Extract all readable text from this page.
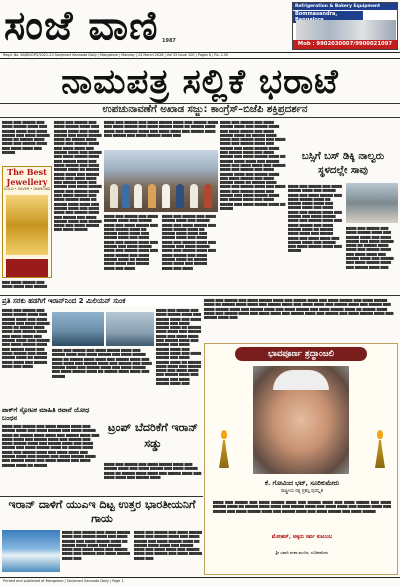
ಸಂಜೆ ವಾಣಿ 1987
Refrigeration & Bakery Equipment
Bommasandra,
Mob : 9902030007/9900021097
Regd. No. KA/BGGPO/2021-23 Sanjevani Kannada Daily | Mangalore | Monday | 23 March 2026 | Vol 33 Issue 100 | Pages 8 | Rs. 2.00
ನಾಮಪತ್ರ ಸಲ್ಲಿಕೆ ಭರಾಟೆ
ಉಪಚುನಾವಣೆಗೆ ಅಖಾಡ ಸಜ್ಜು: ಕಾಂಗ್ರೆಸ್–ಬಿಜೆಪಿ ಶಕ್ತಿಪ್ರದರ್ಶನ
▆▆▆▆ ▆▆▆ ▆▆▆▆▆ ▆▆▆ ▆▆▆▆ ▆▆▆▆▆ ▆▆▆▆ ▆▆▆ ▆▆▆▆▆ ▆▆▆▆ ▆▆▆ ▆▆▆▆ ▆▆▆▆▆ ▆▆▆ ▆▆▆▆ ▆▆▆▆▆ ▆▆▆▆ ▆▆ ▆▆▆▆▆ ▆▆▆▆ ▆▆▆▆ ▆▆▆ ▆▆▆▆▆ ▆▆▆▆ ▆▆▆ ▆▆▆▆ ▆▆▆▆ ▆▆▆ ▆▆▆▆▆
The Best Jewellery
GOLD • SILVER • DIAMOND
▆▆▆ ▆▆▆▆ ▆▆▆▆▆ ▆▆▆ ▆▆▆▆ ▆▆▆▆ ▆▆▆ ▆▆▆▆▆
▆▆▆▆ ▆▆▆ ▆▆▆▆▆ ▆▆▆ ▆▆▆▆ ▆▆▆▆▆ ▆▆▆▆ ▆▆▆ ▆▆▆▆▆ ▆▆▆▆ ▆▆▆ ▆▆▆▆ ▆▆▆▆▆ ▆▆▆ ▆▆▆▆ ▆▆▆▆▆ ▆▆▆▆ ▆▆ ▆▆▆▆▆ ▆▆▆▆ ▆▆▆▆ ▆▆▆ ▆▆▆▆▆ ▆▆▆▆ ▆▆▆ ▆▆▆▆ ▆▆▆▆ ▆▆▆ ▆▆▆▆▆ ▆▆▆▆ ▆▆▆ ▆▆▆▆▆ ▆▆▆ ▆▆▆▆ ▆▆▆▆▆ ▆▆▆▆ ▆▆▆ ▆▆▆▆▆ ▆▆▆▆ ▆▆▆ ▆▆▆▆ ▆▆▆▆▆ ▆▆▆ ▆▆▆▆ ▆▆▆▆▆ ▆▆▆▆ ▆▆ ▆▆▆▆▆ ▆▆▆▆ ▆▆▆▆ ▆▆▆ ▆▆▆▆▆ ▆▆▆▆ ▆▆▆ ▆▆▆▆ ▆▆▆▆ ▆▆▆ ▆▆▆▆▆ ▆▆▆▆ ▆▆▆ ▆▆▆▆▆ ▆▆▆ ▆▆▆▆ ▆▆▆▆▆ ▆▆▆▆ ▆▆▆ ▆▆▆▆▆ ▆▆▆▆ ▆▆▆ ▆▆▆▆ ▆▆▆▆▆ ▆▆▆ ▆▆▆▆ ▆▆▆▆▆ ▆▆▆▆ ▆▆ ▆▆▆▆▆ ▆▆▆▆ ▆▆▆▆ ▆▆▆ ▆▆▆▆▆ ▆▆▆▆ ▆▆▆ ▆▆▆▆ ▆▆▆▆ ▆▆▆ ▆▆▆▆▆ ▆▆▆▆ ▆▆▆ ▆▆▆▆▆ ▆▆▆ ▆▆▆▆ ▆▆▆▆▆ ▆▆▆▆ ▆▆▆ ▆▆▆▆▆ ▆▆▆▆ ▆▆▆ ▆▆▆▆ ▆▆▆▆▆ ▆▆▆ ▆▆▆▆ ▆▆▆▆▆
▆▆▆▆ ▆▆▆ ▆▆▆▆▆ ▆▆▆ ▆▆▆▆ ▆▆▆▆▆ ▆▆▆▆ ▆▆▆ ▆▆▆▆▆ ▆▆▆▆ ▆▆▆ ▆▆▆▆ ▆▆▆▆▆ ▆▆▆ ▆▆▆▆ ▆▆▆▆▆ ▆▆▆▆ ▆▆ ▆▆▆▆▆ ▆▆▆▆ ▆▆▆▆ ▆▆▆ ▆▆▆▆▆ ▆▆▆▆ ▆▆▆ ▆▆▆▆ ▆▆▆▆ ▆▆▆ ▆▆▆▆▆ ▆▆▆▆ ▆▆▆ ▆▆▆▆▆ ▆▆▆ ▆▆▆▆ ▆▆▆▆▆ ▆▆▆▆ ▆▆▆
▆▆▆▆ ▆▆▆ ▆▆▆▆▆ ▆▆▆ ▆▆▆▆ ▆▆▆▆▆ ▆▆▆▆ ▆▆▆ ▆▆▆▆▆ ▆▆▆▆ ▆▆▆ ▆▆▆▆ ▆▆▆▆▆ ▆▆▆ ▆▆▆▆ ▆▆▆▆▆ ▆▆▆▆ ▆▆ ▆▆▆▆▆ ▆▆▆▆ ▆▆▆▆ ▆▆▆ ▆▆▆▆▆ ▆▆▆▆ ▆▆▆ ▆▆▆▆ ▆▆▆▆ ▆▆▆ ▆▆▆▆▆ ▆▆▆▆ ▆▆▆ ▆▆▆▆▆ ▆▆▆ ▆▆▆▆ ▆▆▆▆▆ ▆▆▆▆ ▆▆▆ ▆▆▆▆▆ ▆▆▆▆ ▆▆▆ ▆▆▆▆ ▆▆▆▆▆ ▆▆▆ ▆▆▆▆ ▆▆▆▆▆ ▆▆▆▆ ▆▆ ▆▆▆▆▆ ▆▆▆▆ ▆▆▆▆ ▆▆▆ ▆▆▆▆▆ ▆▆▆▆ ▆▆▆ ▆▆▆▆
▆▆▆▆ ▆▆▆ ▆▆▆▆▆ ▆▆▆ ▆▆▆▆ ▆▆▆▆▆ ▆▆▆▆ ▆▆▆ ▆▆▆▆▆ ▆▆▆▆ ▆▆▆ ▆▆▆▆ ▆▆▆▆▆ ▆▆▆ ▆▆▆▆ ▆▆▆▆▆ ▆▆▆▆ ▆▆ ▆▆▆▆▆ ▆▆▆▆ ▆▆▆▆ ▆▆▆ ▆▆▆▆▆ ▆▆▆▆ ▆▆▆ ▆▆▆▆ ▆▆▆▆ ▆▆▆ ▆▆▆▆▆ ▆▆▆▆ ▆▆▆ ▆▆▆▆▆ ▆▆▆ ▆▆▆▆ ▆▆▆▆▆ ▆▆▆▆ ▆▆▆ ▆▆▆▆▆ ▆▆▆▆ ▆▆▆ ▆▆▆▆ ▆▆▆▆▆ ▆▆▆ ▆▆▆▆ ▆▆▆▆▆ ▆▆▆▆ ▆▆ ▆▆▆▆▆ ▆▆▆▆ ▆▆▆▆ ▆▆▆ ▆▆▆▆▆ ▆▆▆▆ ▆▆▆ ▆▆▆▆
▆▆▆▆ ▆▆▆ ▆▆▆▆▆ ▆▆▆ ▆▆▆▆ ▆▆▆▆▆ ▆▆▆▆ ▆▆▆ ▆▆▆▆▆ ▆▆▆▆ ▆▆▆ ▆▆▆▆ ▆▆▆▆▆ ▆▆▆ ▆▆▆▆ ▆▆▆▆▆ ▆▆▆▆ ▆▆ ▆▆▆▆▆ ▆▆▆▆ ▆▆▆▆ ▆▆▆ ▆▆▆▆▆ ▆▆▆▆ ▆▆▆ ▆▆▆▆ ▆▆▆▆ ▆▆▆ ▆▆▆▆▆ ▆▆▆▆ ▆▆▆ ▆▆▆▆▆ ▆▆▆ ▆▆▆▆ ▆▆▆▆▆ ▆▆▆▆ ▆▆▆ ▆▆▆▆▆ ▆▆▆▆ ▆▆▆ ▆▆▆▆ ▆▆▆▆▆ ▆▆▆ ▆▆▆▆ ▆▆▆▆▆ ▆▆▆▆ ▆▆ ▆▆▆▆▆ ▆▆▆▆ ▆▆▆▆ ▆▆▆ ▆▆▆▆▆ ▆▆▆▆ ▆▆▆ ▆▆▆▆ ▆▆▆▆ ▆▆▆ ▆▆▆▆▆ ▆▆▆▆ ▆▆▆ ▆▆▆▆▆ ▆▆▆ ▆▆▆▆ ▆▆▆▆▆ ▆▆▆▆ ▆▆▆ ▆▆▆▆▆ ▆▆▆▆ ▆▆▆ ▆▆▆▆ ▆▆▆▆▆ ▆▆▆ ▆▆▆▆ ▆▆▆▆▆ ▆▆▆▆ ▆▆ ▆▆▆▆▆ ▆▆▆▆ ▆▆▆▆ ▆▆▆ ▆▆▆▆▆ ▆▆▆▆ ▆▆▆ ▆▆▆▆ ▆▆▆▆ ▆▆▆ ▆▆▆▆▆ ▆▆▆▆ ▆▆▆ ▆▆▆▆▆ ▆▆▆ ▆▆▆▆ ▆▆▆▆▆ ▆▆▆▆ ▆▆▆ ▆▆▆▆▆ ▆▆▆▆ ▆▆▆ ▆▆▆▆ ▆▆▆▆▆ ▆▆▆ ▆▆▆▆ ▆▆▆▆▆ ▆▆▆▆ ▆▆ ▆▆▆▆▆
ಬಸ್ಸಿಗೆ ಬಸ್ ಡಿಕ್ಕಿ ನಾಲ್ವರು ಸ್ಥಳದಲ್ಲೇ ಸಾವು
▆▆▆▆ ▆▆▆ ▆▆▆▆▆ ▆▆▆ ▆▆▆▆ ▆▆▆▆▆ ▆▆▆▆ ▆▆▆ ▆▆▆▆▆ ▆▆▆▆ ▆▆▆ ▆▆▆▆ ▆▆▆▆▆ ▆▆▆ ▆▆▆▆ ▆▆▆▆▆ ▆▆▆▆ ▆▆ ▆▆▆▆▆ ▆▆▆▆ ▆▆▆▆ ▆▆▆ ▆▆▆▆▆ ▆▆▆▆ ▆▆▆ ▆▆▆▆ ▆▆▆▆ ▆▆▆ ▆▆▆▆▆ ▆▆▆▆ ▆▆▆ ▆▆▆▆▆ ▆▆▆ ▆▆▆▆ ▆▆▆▆▆ ▆▆▆▆ ▆▆▆ ▆▆▆▆▆ ▆▆▆▆ ▆▆▆ ▆▆▆▆ ▆▆▆▆▆ ▆▆▆ ▆▆▆▆ ▆▆▆▆▆ ▆▆▆▆ ▆▆ ▆▆▆▆▆ ▆▆▆▆ ▆▆▆▆ ▆▆▆ ▆▆▆▆▆ ▆▆▆▆ ▆▆▆ ▆▆▆▆ ▆▆▆▆ ▆▆▆ ▆▆▆▆▆ ▆▆▆▆ ▆▆▆ ▆▆▆▆▆ ▆▆▆ ▆▆▆▆ ▆▆▆▆▆ ▆▆▆▆ ▆▆▆ ▆▆▆▆▆
▆▆▆▆ ▆▆▆ ▆▆▆▆▆ ▆▆▆ ▆▆▆▆ ▆▆▆▆▆ ▆▆▆▆ ▆▆▆ ▆▆▆▆▆ ▆▆▆▆ ▆▆▆ ▆▆▆▆ ▆▆▆▆▆ ▆▆▆ ▆▆▆▆ ▆▆▆▆▆ ▆▆▆▆ ▆▆ ▆▆▆▆▆ ▆▆▆▆ ▆▆▆▆ ▆▆▆ ▆▆▆▆▆ ▆▆▆▆ ▆▆▆ ▆▆▆▆ ▆▆▆▆ ▆▆▆ ▆▆▆▆▆ ▆▆▆▆ ▆▆▆ ▆▆▆▆▆ ▆▆▆ ▆▆▆▆ ▆▆▆▆▆ ▆▆▆▆ ▆▆▆ ▆▆▆▆▆ ▆▆▆▆ ▆▆▆
ಪ್ರತಿ ಸರಕು ಹಡಗಿಗೆ ಇರಾನ್‌ನಿಂದ 2 ಮಿಲಿಯನ್ ಸುಂಕ
▆▆▆▆ ▆▆▆ ▆▆▆▆▆ ▆▆▆ ▆▆▆▆ ▆▆▆▆▆ ▆▆▆▆ ▆▆▆ ▆▆▆▆▆ ▆▆▆▆ ▆▆▆ ▆▆▆▆ ▆▆▆▆▆ ▆▆▆ ▆▆▆▆ ▆▆▆▆▆ ▆▆▆▆ ▆▆ ▆▆▆▆▆ ▆▆▆▆ ▆▆▆▆ ▆▆▆ ▆▆▆▆▆ ▆▆▆▆ ▆▆▆ ▆▆▆▆ ▆▆▆▆ ▆▆▆ ▆▆▆▆▆ ▆▆▆▆ ▆▆▆ ▆▆▆▆▆ ▆▆▆ ▆▆▆▆ ▆▆▆▆▆ ▆▆▆▆ ▆▆▆ ▆▆▆▆▆ ▆▆▆▆ ▆▆▆ ▆▆▆▆ ▆▆▆▆▆ ▆▆▆ ▆▆▆▆ ▆▆▆▆▆ ▆▆▆▆ ▆▆ ▆▆▆▆▆ ▆▆▆▆ ▆▆▆▆ ▆▆▆ ▆▆▆▆▆ ▆▆▆▆ ▆▆▆ ▆▆▆▆
▆▆▆▆ ▆▆▆ ▆▆▆▆▆ ▆▆▆ ▆▆▆▆ ▆▆▆▆▆ ▆▆▆▆ ▆▆▆ ▆▆▆▆▆ ▆▆▆▆ ▆▆▆ ▆▆▆▆ ▆▆▆▆▆ ▆▆▆ ▆▆▆▆ ▆▆▆▆▆ ▆▆▆▆ ▆▆ ▆▆▆▆▆ ▆▆▆▆ ▆▆▆▆ ▆▆▆ ▆▆▆▆▆ ▆▆▆▆ ▆▆▆ ▆▆▆▆ ▆▆▆▆ ▆▆▆ ▆▆▆▆▆ ▆▆▆▆ ▆▆▆ ▆▆▆▆▆ ▆▆▆ ▆▆▆▆ ▆▆▆▆▆ ▆▆▆▆ ▆▆▆ ▆▆▆▆▆ ▆▆▆▆ ▆▆▆ ▆▆▆▆ ▆▆▆▆▆ ▆▆▆ ▆▆▆▆ ▆▆▆▆▆ ▆▆▆▆ ▆▆ ▆▆▆▆▆ ▆▆▆▆ ▆▆▆▆ ▆▆▆ ▆▆▆▆▆
▆▆▆▆ ▆▆▆ ▆▆▆▆▆ ▆▆▆ ▆▆▆▆ ▆▆▆▆▆ ▆▆▆▆ ▆▆▆ ▆▆▆▆▆ ▆▆▆▆ ▆▆▆ ▆▆▆▆ ▆▆▆▆▆ ▆▆▆ ▆▆▆▆ ▆▆▆▆▆ ▆▆▆▆ ▆▆ ▆▆▆▆▆ ▆▆▆▆ ▆▆▆▆ ▆▆▆ ▆▆▆▆▆ ▆▆▆▆ ▆▆▆ ▆▆▆▆ ▆▆▆▆ ▆▆▆ ▆▆▆▆▆ ▆▆▆▆ ▆▆▆ ▆▆▆▆▆ ▆▆▆ ▆▆▆▆ ▆▆▆▆▆ ▆▆▆▆ ▆▆▆ ▆▆▆▆▆ ▆▆▆▆ ▆▆▆ ▆▆▆▆ ▆▆▆▆▆ ▆▆▆ ▆▆▆▆ ▆▆▆▆▆ ▆▆▆▆ ▆▆ ▆▆▆▆▆ ▆▆▆▆ ▆▆▆▆ ▆▆▆ ▆▆▆▆▆ ▆▆▆▆ ▆▆▆ ▆▆▆▆ ▆▆▆▆ ▆▆▆ ▆▆▆▆▆ ▆▆▆▆ ▆▆▆ ▆▆▆▆▆ ▆▆▆ ▆▆▆▆ ▆▆▆▆▆ ▆▆▆▆ ▆▆▆
ಪಾಕ್‌ಗೆ ಸ್ಫೋಟಕ ಮಾಹಿತಿ ರವಾನೆ ಯೋಧ ಬಂಧನ
▆▆▆▆ ▆▆▆ ▆▆▆▆▆ ▆▆▆ ▆▆▆▆ ▆▆▆▆▆ ▆▆▆▆ ▆▆▆ ▆▆▆▆▆ ▆▆▆▆ ▆▆▆ ▆▆▆▆ ▆▆▆▆▆ ▆▆▆ ▆▆▆▆ ▆▆▆▆▆ ▆▆▆▆ ▆▆ ▆▆▆▆▆ ▆▆▆▆ ▆▆▆▆ ▆▆▆ ▆▆▆▆▆ ▆▆▆▆ ▆▆▆ ▆▆▆▆ ▆▆▆▆ ▆▆▆ ▆▆▆▆▆ ▆▆▆▆ ▆▆▆ ▆▆▆▆▆ ▆▆▆ ▆▆▆▆ ▆▆▆▆▆ ▆▆▆▆ ▆▆▆ ▆▆▆▆▆ ▆▆▆▆ ▆▆▆ ▆▆▆▆ ▆▆▆▆▆ ▆▆▆ ▆▆▆▆ ▆▆▆▆▆ ▆▆▆▆ ▆▆ ▆▆▆▆▆ ▆▆▆▆ ▆▆▆▆ ▆▆▆ ▆▆▆▆▆ ▆▆▆▆ ▆▆▆ ▆▆▆▆ ▆▆▆▆ ▆▆▆ ▆▆▆▆▆ ▆▆▆▆ ▆▆▆ ▆▆▆▆▆ ▆▆▆ ▆▆▆▆ ▆▆▆▆▆ ▆▆▆▆ ▆▆▆ ▆▆▆▆▆ ▆▆▆▆ ▆▆▆ ▆▆▆▆ ▆▆▆▆▆ ▆▆▆ ▆▆▆▆ ▆▆▆▆▆ ▆▆▆▆ ▆▆ ▆▆▆▆▆
ಟ್ರಂಪ್ ಬೆದರಿಕೆಗೆ ಇರಾನ್ ಸಡ್ಡು
▆▆▆▆ ▆▆▆ ▆▆▆▆▆ ▆▆▆ ▆▆▆▆ ▆▆▆▆▆ ▆▆▆▆ ▆▆▆ ▆▆▆▆▆ ▆▆▆▆ ▆▆▆ ▆▆▆▆ ▆▆▆▆▆ ▆▆▆ ▆▆▆▆ ▆▆▆▆▆ ▆▆▆▆ ▆▆ ▆▆▆▆▆ ▆▆▆▆ ▆▆▆▆ ▆▆▆ ▆▆▆▆▆ ▆▆▆▆ ▆▆▆ ▆▆▆▆ ▆▆▆▆ ▆▆▆ ▆▆▆▆▆ ▆▆▆▆
ಇರಾನ್ ದಾಳಿಗೆ ಯುಎಇ ದಿಟ್ಟ ಉತ್ತರ ಭಾರತೀಯನಿಗೆ ಗಾಯ
▆▆▆▆ ▆▆▆ ▆▆▆▆▆ ▆▆▆ ▆▆▆▆ ▆▆▆▆▆ ▆▆▆▆ ▆▆▆ ▆▆▆▆▆ ▆▆▆▆ ▆▆▆ ▆▆▆▆ ▆▆▆▆▆ ▆▆▆ ▆▆▆▆ ▆▆▆▆▆ ▆▆▆▆ ▆▆ ▆▆▆▆▆ ▆▆▆▆ ▆▆▆▆ ▆▆▆ ▆▆▆▆▆ ▆▆▆▆ ▆▆▆ ▆▆▆▆ ▆▆▆▆ ▆▆▆ ▆▆▆▆▆ ▆▆▆▆ ▆▆▆ ▆▆▆▆▆ ▆▆▆ ▆▆▆▆ ▆▆▆▆▆ ▆▆▆▆ ▆▆▆
▆▆▆▆ ▆▆▆ ▆▆▆▆▆ ▆▆▆ ▆▆▆▆ ▆▆▆▆▆ ▆▆▆▆ ▆▆▆ ▆▆▆▆▆ ▆▆▆▆ ▆▆▆ ▆▆▆▆ ▆▆▆▆▆ ▆▆▆ ▆▆▆▆ ▆▆▆▆▆ ▆▆▆▆ ▆▆ ▆▆▆▆▆ ▆▆▆▆ ▆▆▆▆ ▆▆▆ ▆▆▆▆▆ ▆▆▆▆ ▆▆▆ ▆▆▆▆ ▆▆▆▆ ▆▆▆ ▆▆▆▆▆ ▆▆▆▆ ▆▆▆ ▆▆▆▆▆ ▆▆▆ ▆▆▆▆ ▆▆▆▆▆ ▆▆▆▆ ▆▆▆
▆▆▆▆ ▆▆▆ ▆▆▆▆▆ ▆▆▆ ▆▆▆▆ ▆▆▆▆▆ ▆▆▆▆ ▆▆▆ ▆▆▆▆▆ ▆▆▆▆ ▆▆▆ ▆▆▆▆ ▆▆▆▆▆ ▆▆▆ ▆▆▆▆ ▆▆▆▆▆ ▆▆▆▆ ▆▆ ▆▆▆▆▆ ▆▆▆▆ ▆▆▆▆ ▆▆▆ ▆▆▆▆▆ ▆▆▆▆ ▆▆▆ ▆▆▆▆ ▆▆▆▆ ▆▆▆ ▆▆▆▆▆ ▆▆▆▆ ▆▆▆ ▆▆▆▆▆ ▆▆▆ ▆▆▆▆ ▆▆▆▆▆ ▆▆▆▆ ▆▆▆ ▆▆▆▆▆ ▆▆▆▆ ▆▆▆ ▆▆▆▆ ▆▆▆▆▆ ▆▆▆ ▆▆▆▆ ▆▆▆▆▆ ▆▆▆▆ ▆▆ ▆▆▆▆▆ ▆▆▆▆ ▆▆▆▆ ▆▆▆ ▆▆▆▆▆ ▆▆▆▆ ▆▆▆ ▆▆▆▆ ▆▆▆▆ ▆▆▆ ▆▆▆▆▆ ▆▆▆▆ ▆▆▆ ▆▆▆▆▆ ▆▆▆ ▆▆▆▆ ▆▆▆▆▆ ▆▆▆▆ ▆▆▆ ▆▆▆▆▆ ▆▆▆▆ ▆▆▆
ಭಾವಪೂರ್ಣ ಶ್ರದ್ಧಾಂಜಲಿ
ಕೆ. ಗೋವಿಂದ ಭಟ್, ಸೂರಿಕುಮೇರು
ರಾಷ್ಟ್ರೀಯ ರತ್ನ ಪ್ರಶಸ್ತಿ ಪುರಸ್ಕೃತ
▆▆▆▆ ▆▆▆ ▆▆▆▆▆ ▆▆▆ ▆▆▆▆ ▆▆▆▆▆ ▆▆▆▆ ▆▆▆ ▆▆▆▆▆ ▆▆▆▆ ▆▆▆ ▆▆▆▆ ▆▆▆▆▆ ▆▆▆ ▆▆▆▆ ▆▆▆▆▆ ▆▆▆▆ ▆▆ ▆▆▆▆▆ ▆▆▆▆ ▆▆▆▆ ▆▆▆ ▆▆▆▆▆ ▆▆▆▆ ▆▆▆ ▆▆▆▆ ▆▆▆▆ ▆▆▆ ▆▆▆▆▆ ▆▆▆▆ ▆▆▆ ▆▆▆▆▆ ▆▆▆ ▆▆▆▆ ▆▆▆▆▆ ▆▆▆▆ ▆▆▆ ▆▆▆▆▆ ▆▆▆▆ ▆▆▆ ▆▆▆▆ ▆▆▆▆▆ ▆▆▆ ▆▆▆▆ ▆▆▆▆▆
ಮೋಹನ್, ಅಕ್ಕರು ಸರ್ವ ಕುಟುಂಬ
ಶ್ರೀ ಭವಾನಿ ಶಂಕರ ಮಂದಿರ, ಸೂರಿಕುಮೇರು
Printed and published at Mangalore | Sanjevani Kannada Daily | Page 1
